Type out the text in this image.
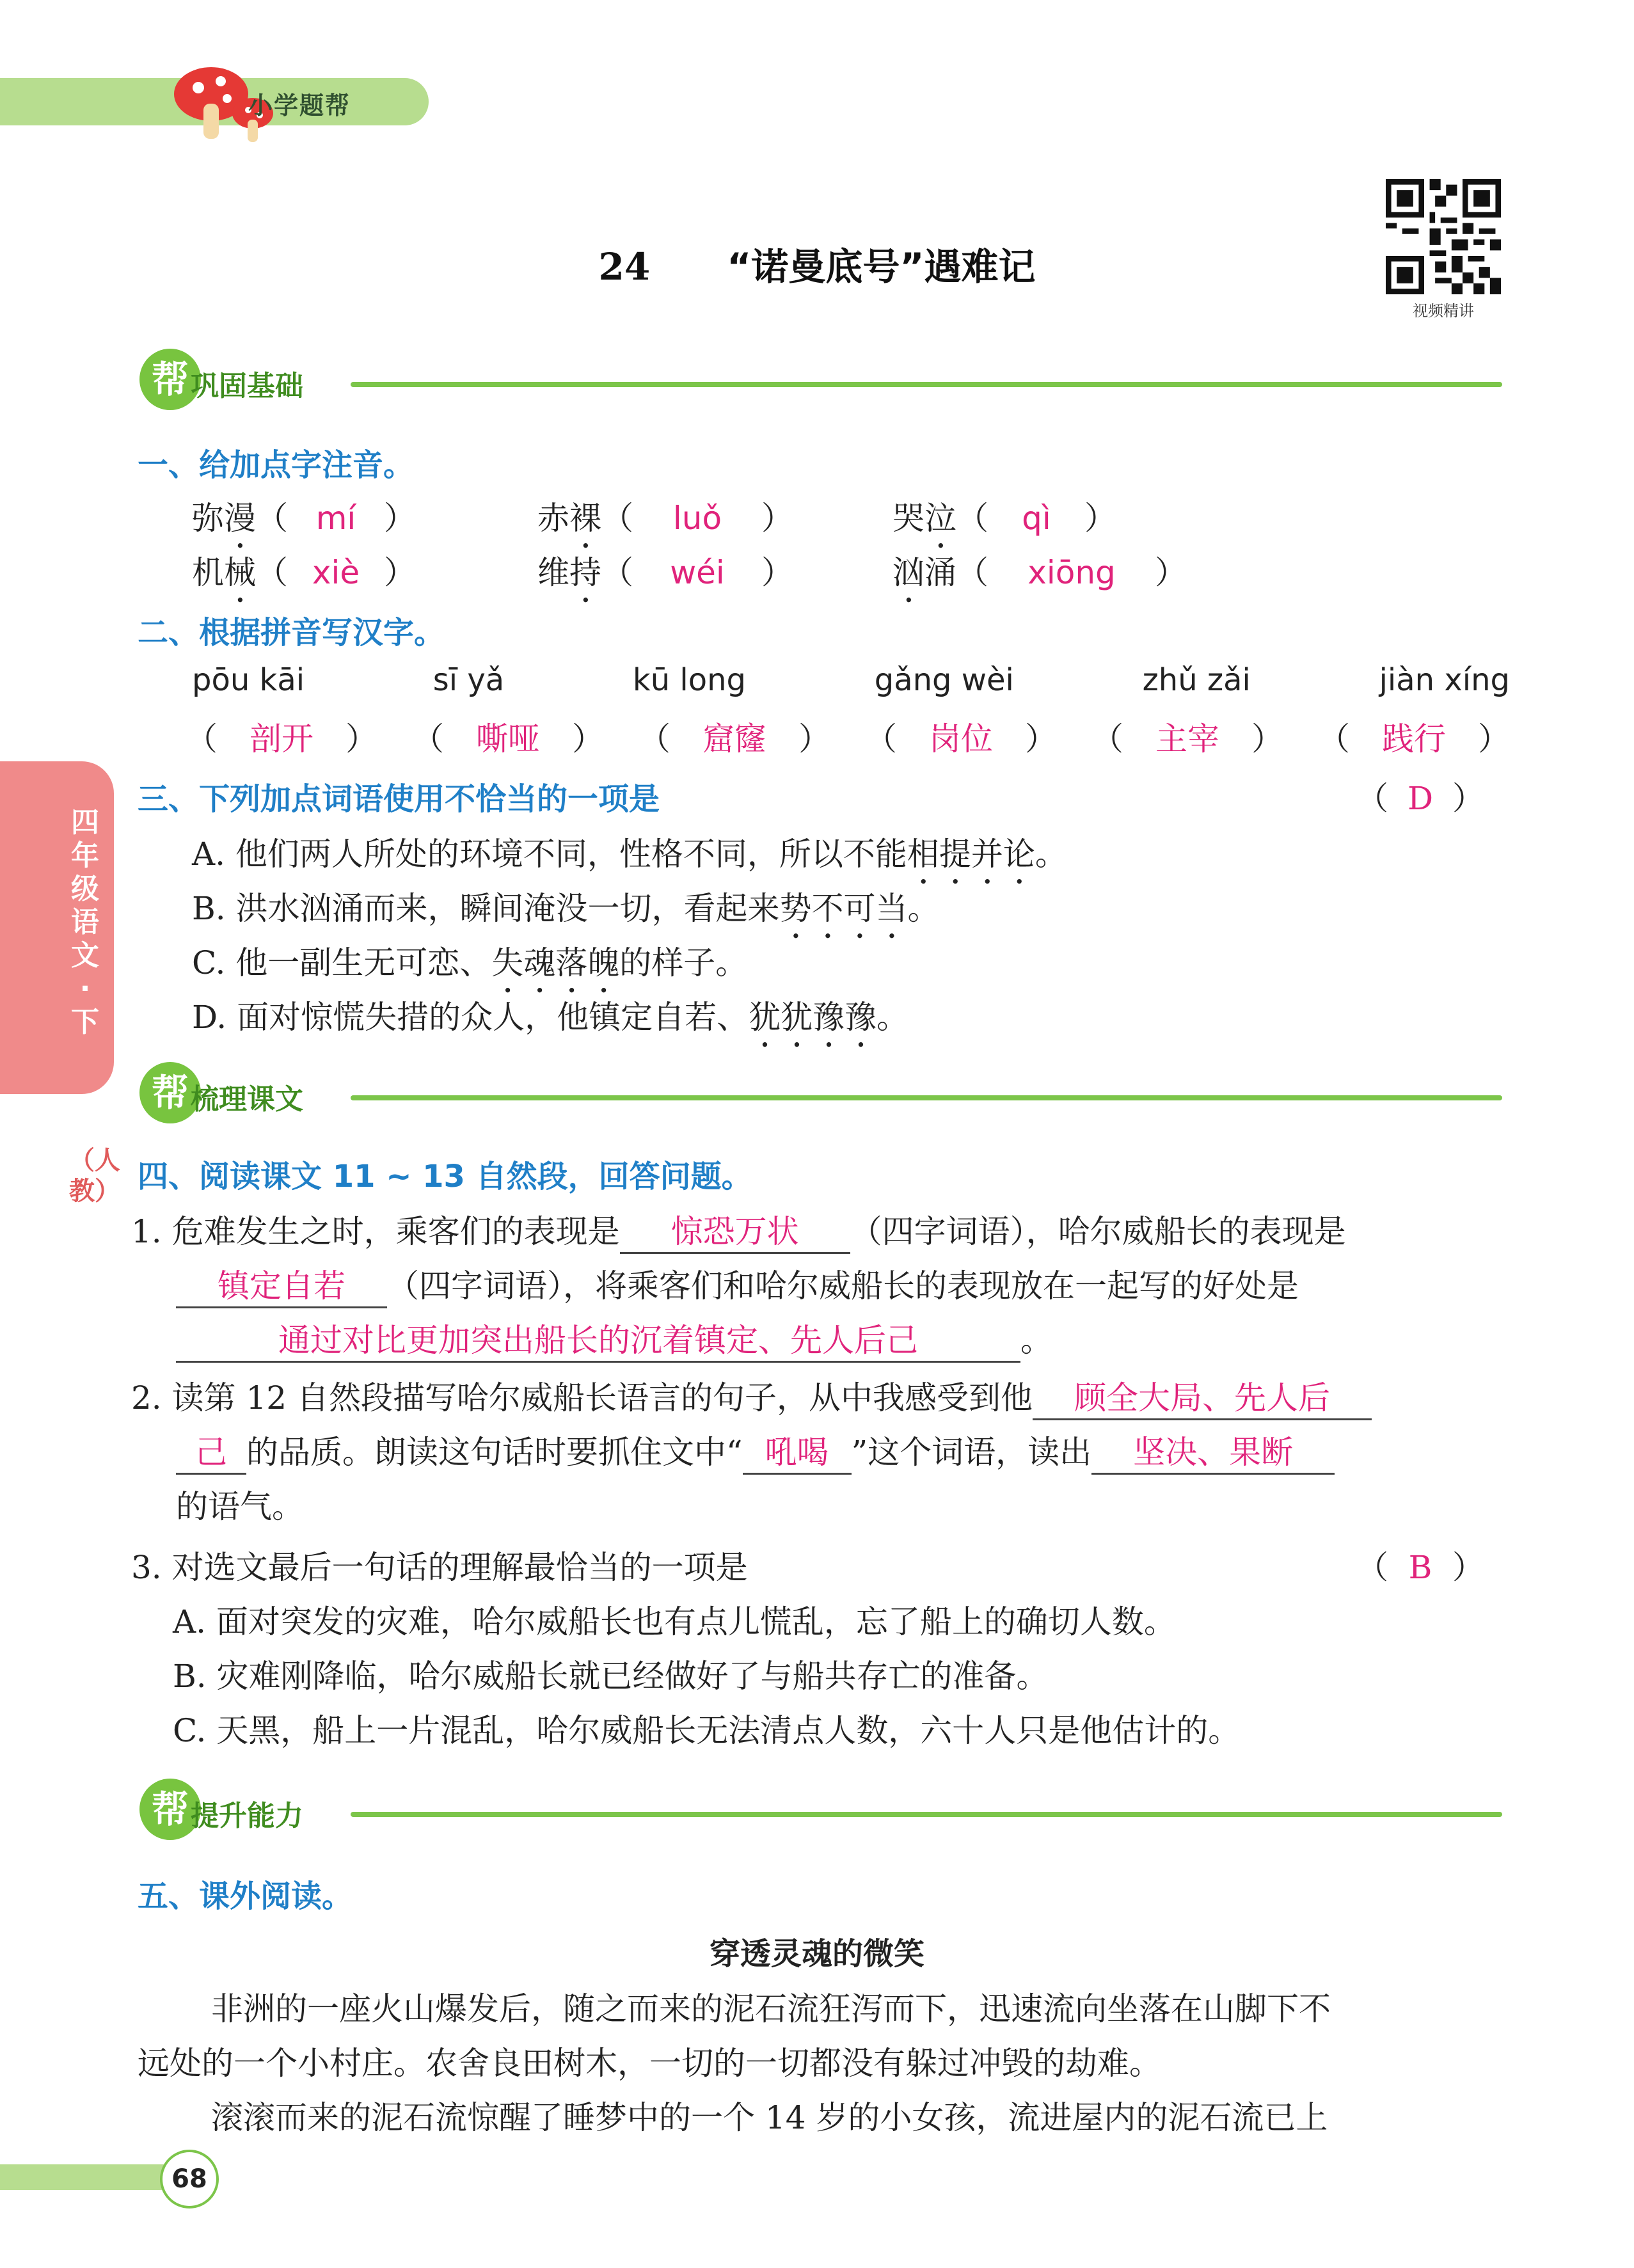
小学题帮
24 “诺曼底号”遇难记
视频精讲
四年级语文·下
（人教）
帮 巩固基础
一、给加点字注音。
弥漫（ mí ）	赤裸（ luǒ ）	哭泣（ qì ）
机械（ xiè ）	维持（ wéi ）	汹涌（ xiōng ）
二、根据拼音写汉字。
pōu kāi	sī yǎ	kū long	gǎng wèi	zhǔ zǎi	jiàn xíng
（ 剖开 ） （ 嘶哑 ） （ 窟窿 ） （ 岗位 ） （ 主宰 ） （ 践行 ）
三、下列加点词语使用不恰当的一项是	（ D ）
A. 他们两人所处的环境不同，性格不同，所以不能相提并论。
B. 洪水汹涌而来，瞬间淹没一切，看起来势不可当。
C. 他一副生无可恋、失魂落魄的样子。
D. 面对惊慌失措的众人，他镇定自若、犹犹豫豫。
帮 梳理课文
四、阅读课文 11 ~ 13 自然段，回答问题。
1. 危难发生之时，乘客们的表现是 惊恐万状 （四字词语），哈尔威船长的表现是
镇定自若 （四字词语），将乘客们和哈尔威船长的表现放在一起写的好处是
通过对比更加突出船长的沉着镇定、先人后己	。
2. 读第 12 自然段描写哈尔威船长语言的句子，从中我感受到他 顾全大局、先人后
己 的品质。朗读这句话时要抓住文中“ 吼喝 ”这个词语，读出 坚决、果断
的语气。
3. 对选文最后一句话的理解最恰当的一项是	（ B ）
A. 面对突发的灾难，哈尔威船长也有点儿慌乱，忘了船上的确切人数。
B. 灾难刚降临，哈尔威船长就已经做好了与船共存亡的准备。
C. 天黑，船上一片混乱，哈尔威船长无法清点人数，六十人只是他估计的。
帮 提升能力
五、课外阅读。
穿透灵魂的微笑
非洲的一座火山爆发后，随之而来的泥石流狂泻而下，迅速流向坐落在山脚下不
远处的一个小村庄。农舍良田树木，一切的一切都没有躲过冲毁的劫难。
滚滚而来的泥石流惊醒了睡梦中的一个 14 岁的小女孩，流进屋内的泥石流已上
68
